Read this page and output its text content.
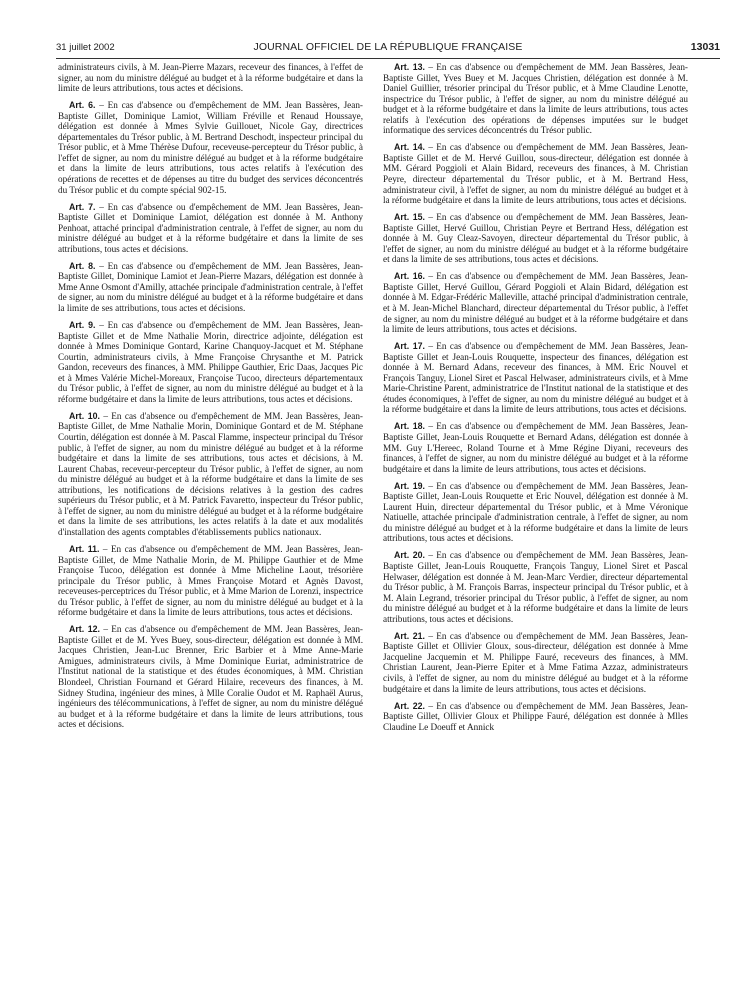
31 juillet 2002	JOURNAL OFFICIEL DE LA RÉPUBLIQUE FRANÇAISE	13031

administrateurs civils, à M. Jean-Pierre Mazars, receveur des finances, à l'effet de signer, au nom du ministre délégué au budget et à la réforme budgétaire et dans la limite de leurs attributions, tous actes et décisions.

Art. 6. – En cas d'absence ou d'empêchement de MM. Jean Bassères, Jean-Baptiste Gillet, Dominique Lamiot, William Fréville et Renaud Houssaye, délégation est donnée à Mmes Sylvie Guillouet, Nicole Gay, directrices départementales du Trésor public, à M. Bertrand Deschodt, inspecteur principal du Trésor public, et à Mme Thérèse Dufour, receveuse-percepteur du Trésor public, à l'effet de signer, au nom du ministre délégué au budget et à la réforme budgétaire et dans la limite de leurs attributions, tous actes relatifs à l'exécution des opérations de recettes et de dépenses au titre du budget des services déconcentrés du Trésor public et du compte spécial 902-15.

Art. 7. – En cas d'absence ou d'empêchement de MM. Jean Bassères, Jean-Baptiste Gillet et Dominique Lamiot, délégation est donnée à M. Anthony Penhoat, attaché principal d'administration centrale, à l'effet de signer, au nom du ministre délégué au budget et à la réforme budgétaire et dans la limite de ses attributions, tous actes et décisions.

Art. 8. – En cas d'absence ou d'empêchement de MM. Jean Bassères, Jean-Baptiste Gillet, Dominique Lamiot et Jean-Pierre Mazars, délégation est donnée à Mme Anne Osmont d'Amilly, attachée principale d'administration centrale, à l'effet de signer, au nom du ministre délégué au budget et à la réforme budgétaire et dans la limite de ses attributions, tous actes et décisions.

Art. 9. – En cas d'absence ou d'empêchement de MM. Jean Bassères, Jean-Baptiste Gillet et de Mme Nathalie Morin, directrice adjointe, délégation est donnée à Mmes Dominique Gontard, Karine Chanquoy-Jacquet et M. Stéphane Courtin, administrateurs civils, à Mme Françoise Chrysanthe et M. Patrick Gandon, receveurs des finances, à MM. Philippe Gauthier, Eric Daas, Jacques Pic et à Mmes Valérie Michel-Moreaux, Françoise Tucoo, directeurs départementaux du Trésor public, à l'effet de signer, au nom du ministre délégué au budget et à la réforme budgétaire et dans la limite de leurs attributions, tous actes et décisions.

Art. 10. – En cas d'absence ou d'empêchement de MM. Jean Bassères, Jean-Baptiste Gillet, de Mme Nathalie Morin, Dominique Gontard et de M. Stéphane Courtin, délégation est donnée à M. Pascal Flamme, inspecteur principal du Trésor public, à l'effet de signer, au nom du ministre délégué au budget et à la réforme budgétaire et dans la limite de ses attributions, tous actes et décisions, à M. Laurent Chabas, receveur-percepteur du Trésor public, à l'effet de signer, au nom du ministre délégué au budget et à la réforme budgétaire et dans la limite de ses attributions, les notifications de décisions relatives à la gestion des cadres supérieurs du Trésor public, et à M. Patrick Favaretto, inspecteur du Trésor public, à l'effet de signer, au nom du ministre délégué au budget et à la réforme budgétaire et dans la limite de ses attributions, les actes relatifs à la date et aux modalités d'installation des agents comptables d'établissements publics nationaux.

Art. 11. – En cas d'absence ou d'empêchement de MM. Jean Bassères, Jean-Baptiste Gillet, de Mme Nathalie Morin, de M. Philippe Gauthier et de Mme Françoise Tucoo, délégation est donnée à Mme Micheline Laout, trésorière principale du Trésor public, à Mmes Françoise Motard et Agnès Davost, receveuses-perceptrices du Trésor public, et à Mme Marion de Lorenzi, inspectrice du Trésor public, à l'effet de signer, au nom du ministre délégué au budget et à la réforme budgétaire et dans la limite de leurs attributions, tous actes et décisions.

Art. 12. – En cas d'absence ou d'empêchement de MM. Jean Bassères, Jean-Baptiste Gillet et de M. Yves Buey, sous-directeur, délégation est donnée à MM. Jacques Christien, Jean-Luc Brenner, Eric Barbier et à Mme Anne-Marie Amigues, administrateurs civils, à Mme Dominique Euriat, administratrice de l'Institut national de la statistique et des études économiques, à MM. Christian Blondeel, Christian Fournand et Gérard Hilaire, receveurs des finances, à M. Sidney Studina, ingénieur des mines, à Mlle Coralie Oudot et M. Raphaël Aurus, ingénieurs des télécommunications, à l'effet de signer, au nom du ministre délégué au budget et à la réforme budgétaire et dans la limite de leurs attributions, tous actes et décisions.

Art. 13. – En cas d'absence ou d'empêchement de MM. Jean Bassères, Jean-Baptiste Gillet, Yves Buey et M. Jacques Christien, délégation est donnée à M. Daniel Guillier, trésorier principal du Trésor public, et à Mme Claudine Lenotte, inspectrice du Trésor public, à l'effet de signer, au nom du ministre délégué au budget et à la réforme budgétaire et dans la limite de leurs attributions, tous actes relatifs à l'exécution des opérations de dépenses imputées sur le budget informatique des services déconcentrés du Trésor public.

Art. 14. – En cas d'absence ou d'empêchement de MM. Jean Bassères, Jean-Baptiste Gillet et de M. Hervé Guillou, sous-directeur, délégation est donnée à MM. Gérard Poggioli et Alain Bidard, receveurs des finances, à M. Christian Peyre, directeur départemental du Trésor public, et à M. Bertrand Hess, administrateur civil, à l'effet de signer, au nom du ministre délégué au budget et à la réforme budgétaire et dans la limite de leurs attributions, tous actes et décisions.

Art. 15. – En cas d'absence ou d'empêchement de MM. Jean Bassères, Jean-Baptiste Gillet, Hervé Guillou, Christian Peyre et Bertrand Hess, délégation est donnée à M. Guy Cleaz-Savoyen, directeur départemental du Trésor public, à l'effet de signer, au nom du ministre délégué au budget et à la réforme budgétaire et dans la limite de ses attributions, tous actes et décisions.

Art. 16. – En cas d'absence ou d'empêchement de MM. Jean Bassères, Jean-Baptiste Gillet, Hervé Guillou, Gérard Poggioli et Alain Bidard, délégation est donnée à M. Edgar-Frédéric Malleville, attaché principal d'administration centrale, et à M. Jean-Michel Blanchard, directeur départemental du Trésor public, à l'effet de signer, au nom du ministre délégué au budget et à la réforme budgétaire et dans la limite de leurs attributions, tous actes et décisions.

Art. 17. – En cas d'absence ou d'empêchement de MM. Jean Bassères, Jean-Baptiste Gillet et Jean-Louis Rouquette, inspecteur des finances, délégation est donnée à M. Bernard Adans, receveur des finances, à MM. Eric Nouvel et François Tanguy, Lionel Siret et Pascal Helwaser, administrateurs civils, et à Mme Marie-Christine Parent, administratrice de l'Institut national de la statistique et des études économiques, à l'effet de signer, au nom du ministre délégué au budget et à la réforme budgétaire et dans la limite de leurs attributions, tous actes et décisions.

Art. 18. – En cas d'absence ou d'empêchement de MM. Jean Bassères, Jean-Baptiste Gillet, Jean-Louis Rouquette et Bernard Adans, délégation est donnée à MM. Guy L'Hereec, Roland Tourne et à Mme Régine Diyani, receveurs des finances, à l'effet de signer, au nom du ministre délégué au budget et à la réforme budgétaire et dans la limite de leurs attributions, tous actes et décisions.

Art. 19. – En cas d'absence ou d'empêchement de MM. Jean Bassères, Jean-Baptiste Gillet, Jean-Louis Rouquette et Eric Nouvel, délégation est donnée à M. Laurent Huin, directeur départemental du Trésor public, et à Mme Véronique Natiuelle, attachée principale d'administration centrale, à l'effet de signer, au nom du ministre délégué au budget et à la réforme budgétaire et dans la limite de leurs attributions, tous actes et décisions.

Art. 20. – En cas d'absence ou d'empêchement de MM. Jean Bassères, Jean-Baptiste Gillet, Jean-Louis Rouquette, François Tanguy, Lionel Siret et Pascal Helwaser, délégation est donnée à M. Jean-Marc Verdier, directeur départemental du Trésor public, à M. François Barras, inspecteur principal du Trésor public, et à M. Alain Legrand, trésorier principal du Trésor public, à l'effet de signer, au nom du ministre délégué au budget et à la réforme budgétaire et dans la limite de leurs attributions, tous actes et décisions.

Art. 21. – En cas d'absence ou d'empêchement de MM. Jean Bassères, Jean-Baptiste Gillet et Ollivier Gloux, sous-directeur, délégation est donnée à Mme Jacqueline Jacquemin et M. Philippe Fauré, receveurs des finances, à MM. Christian Laurent, Jean-Pierre Epiter et à Mme Fatima Azzaz, administrateurs civils, à l'effet de signer, au nom du ministre délégué au budget et à la réforme budgétaire et dans la limite de leurs attributions, tous actes et décisions.

Art. 22. – En cas d'absence ou d'empêchement de MM. Jean Bassères, Jean-Baptiste Gillet, Ollivier Gloux et Philippe Fauré, délégation est donnée à Mlles Claudine Le Doeuff et Annick
